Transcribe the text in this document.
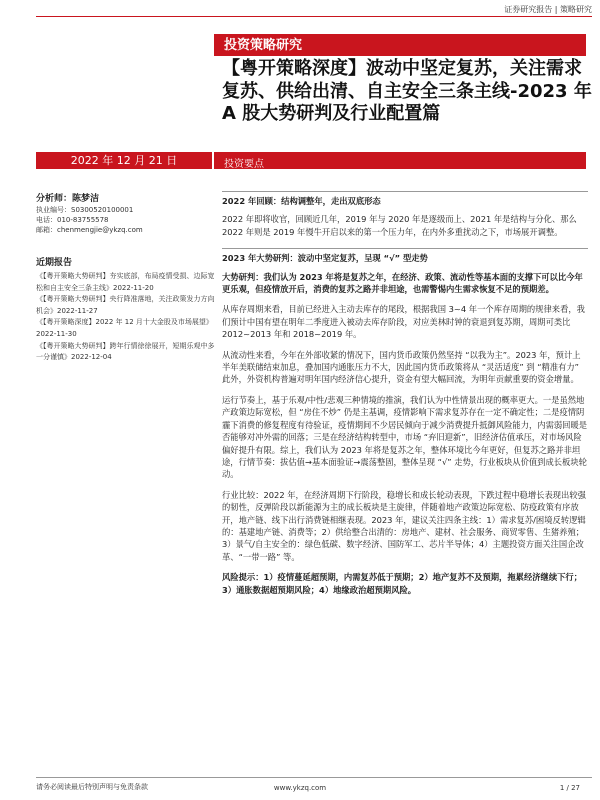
证券研究报告 | 策略研究
投资策略研究
【粤开策略深度】波动中坚定复苏，关注需求复苏、供给出清、自主安全三条主线-2023 年 A 股大势研判及行业配置篇
2022 年 12 月 21 日	投资要点
分析师：陈梦洁
执业编号：S0300520100001
电话：010-83755578
邮箱：chenmengjie@ykzq.com
近期报告
《【粤开策略大势研判】夯实底部，布局疫情受损、边际宽松和自主安全三条主线》2022-11-20
《【粤开策略大势研判】央行降准落地，关注政策发力方向机会》2022-11-27
《【粤开策略深度】2022 年 12 月十大金股及市场展望》2022-11-30
《【粤开策略大势研判】跨年行情徐徐展开，短期乐观中多一分谨慎》2022-12-04

2022 年回顾：结构调整年，走出双底形态

2022 年即将收官，回顾近几年，2019 年与 2020 年是逐级而上、2021 年是结构与分化、那么 2022 年则是 2019 年慢牛开启以来的第一个压力年，在内外多重扰动之下，市场展开调整。

2023 年大势研判：波动中坚定复苏，呈现 “√” 型走势

大势研判：我们认为 2023 年将是复苏之年，在经济、政策、流动性等基本面的支撑下可以比今年更乐观，但疫情放开后，消费的复苏之路并非坦途，也需警惕内生需求恢复不足的预期差。

从库存周期来看，目前已经进入主动去库存的尾段，根据我国 3~4 年一个库存周期的规律来看，我们预计中国有望在明年二季度进入被动去库存阶段，对应美林时钟的衰退到复苏期，周期可类比 2012~2013 年和 2018~2019 年。

从流动性来看，今年在外部收紧的情况下，国内货币政策仍然坚持 “以我为主”。2023 年，预计上半年美联储结束加息，叠加国内通胀压力不大，因此国内货币政策将从 “灵活适度” 到 “精准有力” 此外，外资机构普遍对明年国内经济信心提升，资金有望大幅回流，为明年贡献重要的资金增量。

运行节奏上，基于乐观/中性/悲观三种情境的推演，我们认为中性情景出现的概率更大。一是虽然地产政策边际宽松，但 “房住不炒” 仍是主基调，疫情影响下需求复苏存在一定不确定性；二是疫情阴霾下消费的修复程度有待验证，疫情期间不少居民倾向于减少消费提升抵御风险能力，内需弱回暖是否能够对冲外需的回落；三是在经济结构转型中，市场 “弃旧迎新”，旧经济估值承压，对市场风险偏好提升有限。综上，我们认为 2023 年将是复苏之年，整体环境比今年更好，但复苏之路并非坦途，行情节奏：拔估值→基本面验证→震荡整固，整体呈现 “√” 走势，行业板块从价值到成长板块轮动。

行业比较：2022 年，在经济周期下行阶段，稳增长和成长轮动表现，下跌过程中稳增长表现出较强的韧性，反弹阶段以新能源为主的成长板块是主旋律，伴随着地产政策边际宽松、防疫政策有序放开，地产链、线下出行消费链相继表现。2023 年，建议关注四条主线：1）需求复苏/困境反转逻辑的：基建地产链、消费等；2）供给整合出清的：房地产、建材、社会服务、商贸零售、生猪养殖；3）景气/自主安全的：绿色低碳、数字经济、国防军工、芯片半导体；4）主题投资方面关注国企改革、“一带一路” 等。

风险提示：1）疫情蔓延超预期，内需复苏低于预期；2）地产复苏不及预期，拖累经济继续下行；3）通胀数据超预期风险；4）地缘政治超预期风险。

请务必阅读最后特别声明与免责条款	www.ykzq.com	1 / 27
